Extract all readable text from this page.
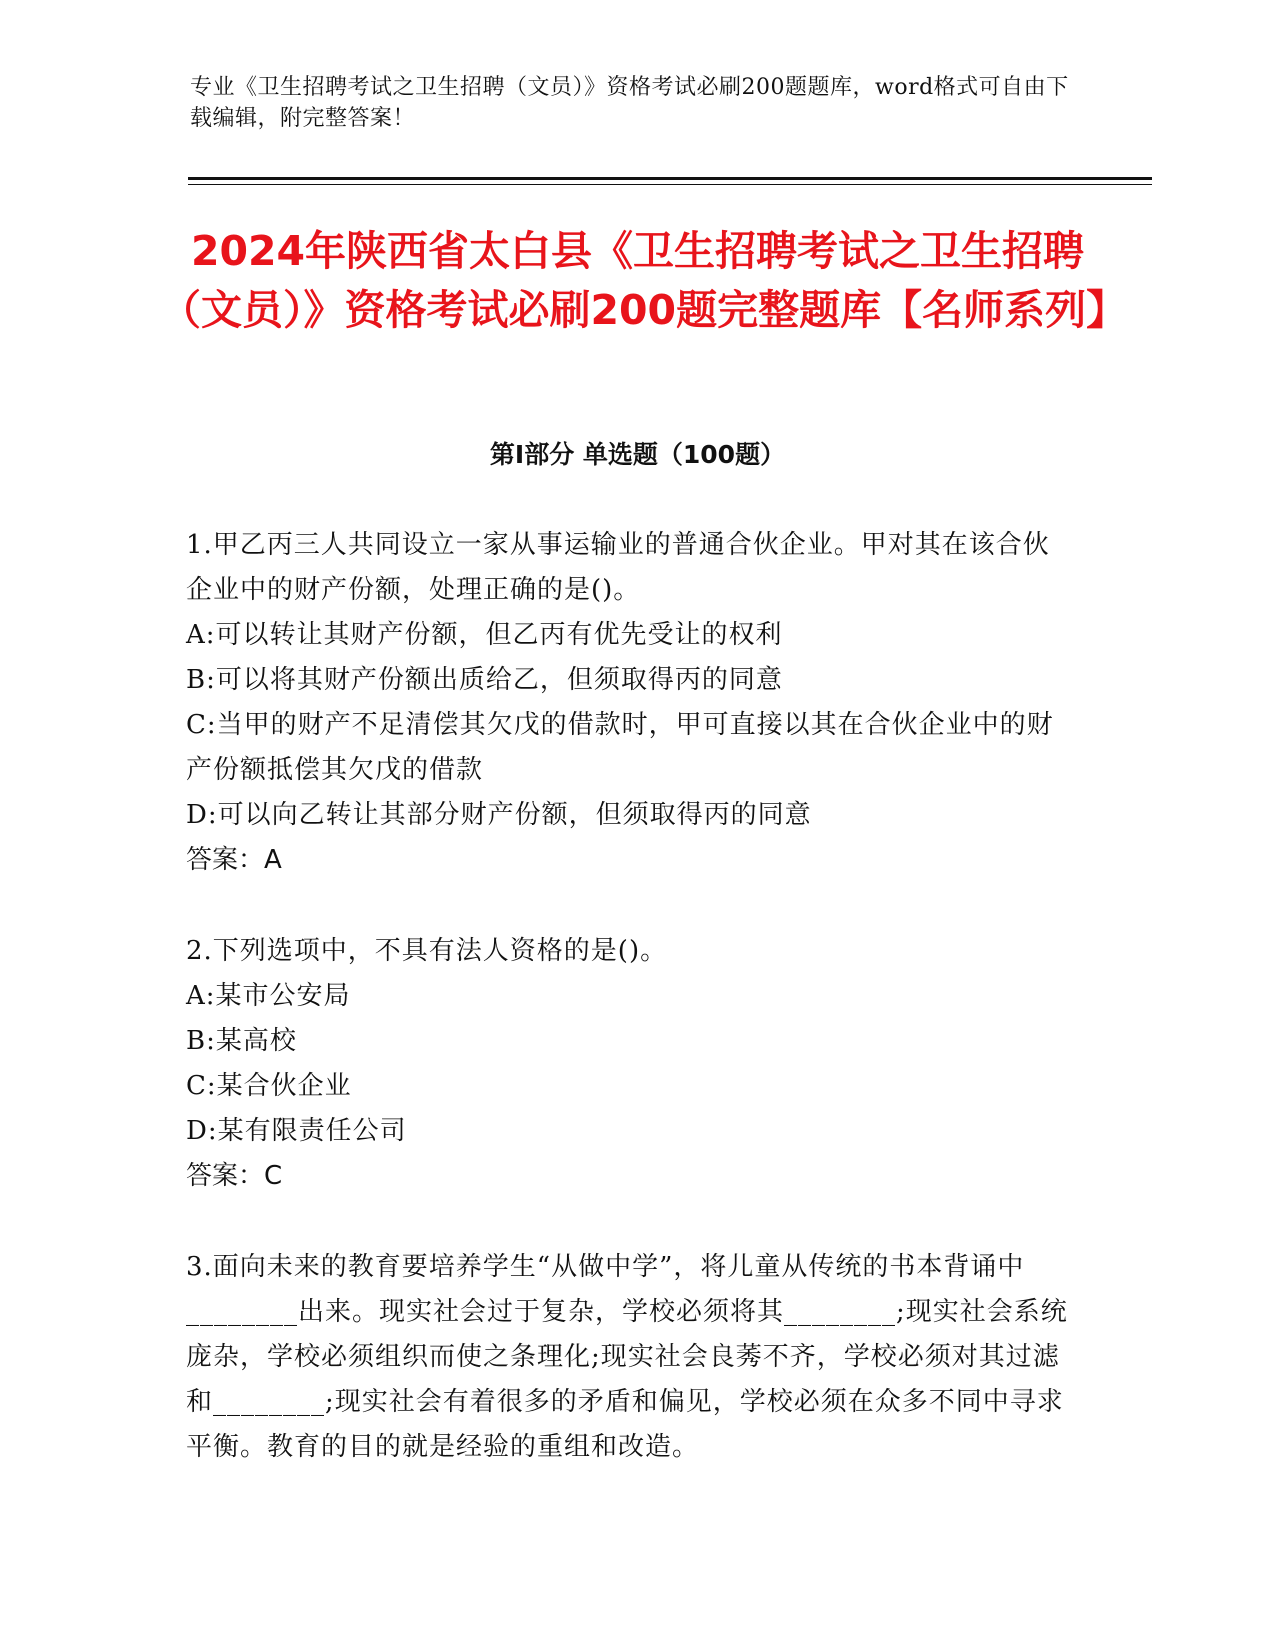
专业《卫生招聘考试之卫生招聘（文员）》资格考试必刷200题题库，word格式可自由下载编辑，附完整答案！
2024年陕西省太白县《卫生招聘考试之卫生招聘（文员）》资格考试必刷200题完整题库【名师系列】
第I部分 单选题（100题）

1.甲乙丙三人共同设立一家从事运输业的普通合伙企业。甲对其在该合伙企业中的财产份额，处理正确的是()。

A:可以转让其财产份额，但乙丙有优先受让的权利

B:可以将其财产份额出质给乙，但须取得丙的同意

C:当甲的财产不足清偿其欠戊的借款时，甲可直接以其在合伙企业中的财产份额抵偿其欠戊的借款

D:可以向乙转让其部分财产份额，但须取得丙的同意

答案：A

2.下列选项中，不具有法人资格的是()。

A:某市公安局

B:某高校

C:某合伙企业

D:某有限责任公司

答案：C

3.面向未来的教育要培养学生“从做中学”，将儿童从传统的书本背诵中________出来。现实社会过于复杂，学校必须将其________;现实社会系统庞杂，学校必须组织而使之条理化;现实社会良莠不齐，学校必须对其过滤和________;现实社会有着很多的矛盾和偏见，学校必须在众多不同中寻求平衡。教育的目的就是经验的重组和改造。
